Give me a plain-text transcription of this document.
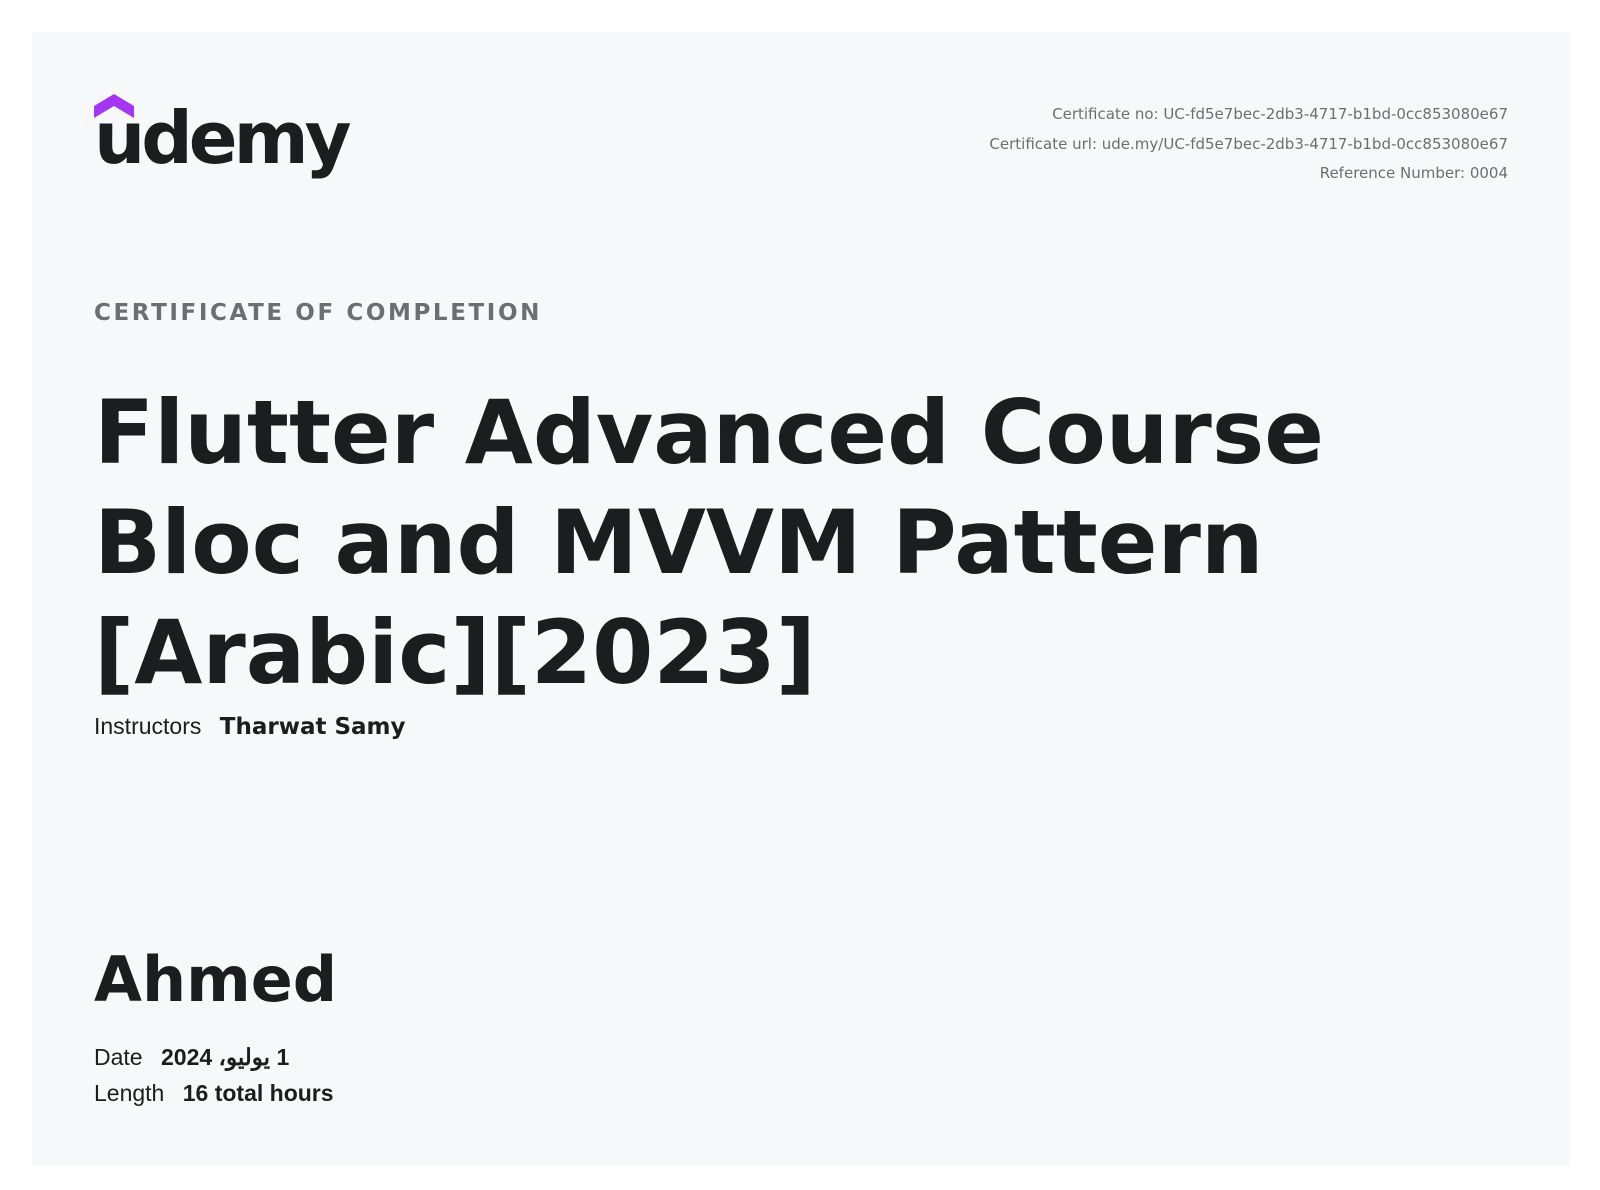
udemy	Certificate no: UC-fd5e7bec-2db3-4717-b1bd-0cc853080e67
Certificate url: ude.my/UC-fd5e7bec-2db3-4717-b1bd-0cc853080e67
Reference Number: 0004
CERTIFICATE OF COMPLETION
Flutter Advanced Course
Bloc and MVVM Pattern
[Arabic][2023]
Instructors Tharwat Samy
Ahmed
Date 1 يوليو، 2024
Length 16 total hours
